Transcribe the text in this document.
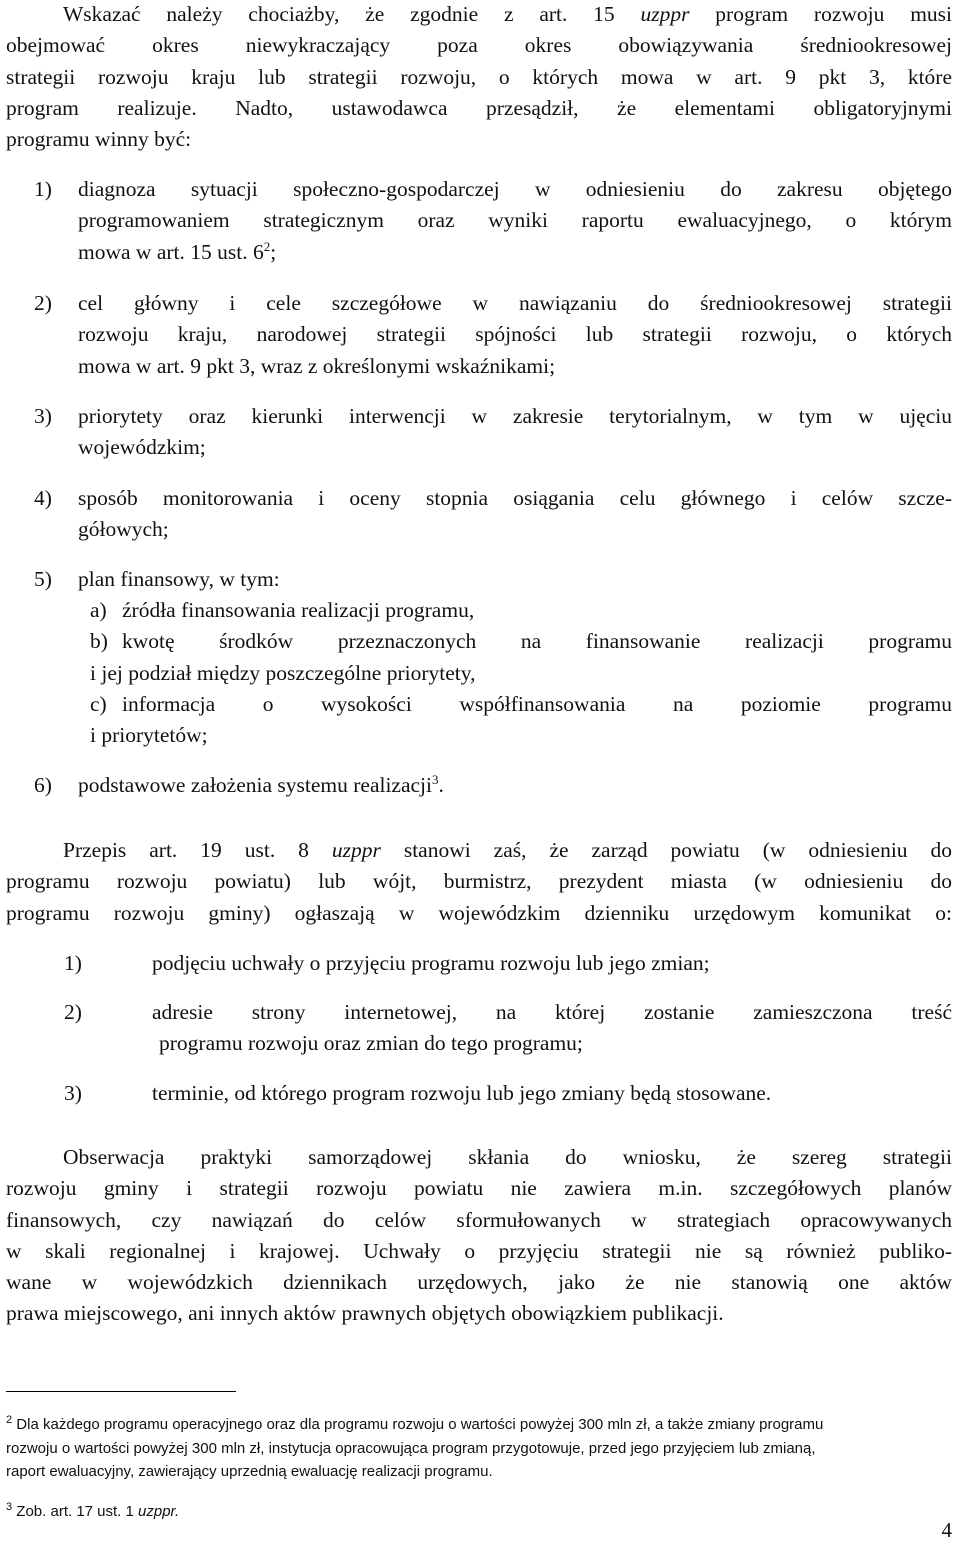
Wskazać należy chociażby, że zgodnie z art. 15 uzppr program rozwoju musi
obejmować okres niewykraczający poza okres obowiązywania średniookresowej
strategii rozwoju kraju lub strategii rozwoju, o których mowa w art. 9 pkt 3, które
program realizuje. Nadto, ustawodawca przesądził, że elementami obligatoryjnymi
programu winny być:
1) diagnoza sytuacji społeczno-gospodarczej w odniesieniu do zakresu objętego
programowaniem strategicznym oraz wyniki raportu ewaluacyjnego, o którym
mowa w art. 15 ust. $6^2$;
2) cel główny i cele szczegółowe w nawiązaniu do średniookresowej strategii
rozwoju kraju, narodowej strategii spójności lub strategii rozwoju, o których
mowa w art. 9 pkt 3, wraz z określonymi wskaźnikami;
3) priorytety oraz kierunki interwencji w zakresie terytorialnym, w tym w ujęciu
wojewódzkim;
4) sposób monitorowania i oceny stopnia osiągania celu głównego i celów szcze-
gółowych;
5) plan finansowy, w tym:
a) źródła finansowania realizacji programu,
b) kwotę środków przeznaczonych na finansowanie realizacji programu
i jej podział między poszczególne priorytety,
c) informacja o wysokości współfinansowania na poziomie programu
i priorytetów;
6) podstawowe założenia systemu realizacji$^3$.
Przepis art. 19 ust. 8 uzppr stanowi zaś, że zarząd powiatu (w odniesieniu do
programu rozwoju powiatu) lub wójt, burmistrz, prezydent miasta (w odniesieniu do
programu rozwoju gminy) ogłaszają w wojewódzkim dzienniku urzędowym komunikat o:
1)	podjęciu uchwały o przyjęciu programu rozwoju lub jego zmian;
2)	adresie strony internetowej, na której zostanie zamieszczona treść
programu rozwoju oraz zmian do tego programu;
3)	terminie, od którego program rozwoju lub jego zmiany będą stosowane.
Obserwacja praktyki samorządowej skłania do wniosku, że szereg strategii
rozwoju gminy i strategii rozwoju powiatu nie zawiera m.in. szczegółowych planów
finansowych, czy nawiązań do celów sformułowanych w strategiach opracowywanych
w skali regionalnej i krajowej. Uchwały o przyjęciu strategii nie są również publiko-
wane w wojewódzkich dziennikach urzędowych, jako że nie stanowią one aktów
prawa miejscowego, ani innych aktów prawnych objętych obowiązkiem publikacji.
$^2$ Dla każdego programu operacyjnego oraz dla programu rozwoju o wartości powyżej 300 mln zł, a także zmiany programu
rozwoju o wartości powyżej 300 mln zł, instytucja opracowująca program przygotowuje, przed jego przyjęciem lub zmianą,
raport ewaluacyjny, zawierający uprzednią ewaluację realizacji programu.
$^3$ Zob. art. 17 ust. 1 uzppr.
4
